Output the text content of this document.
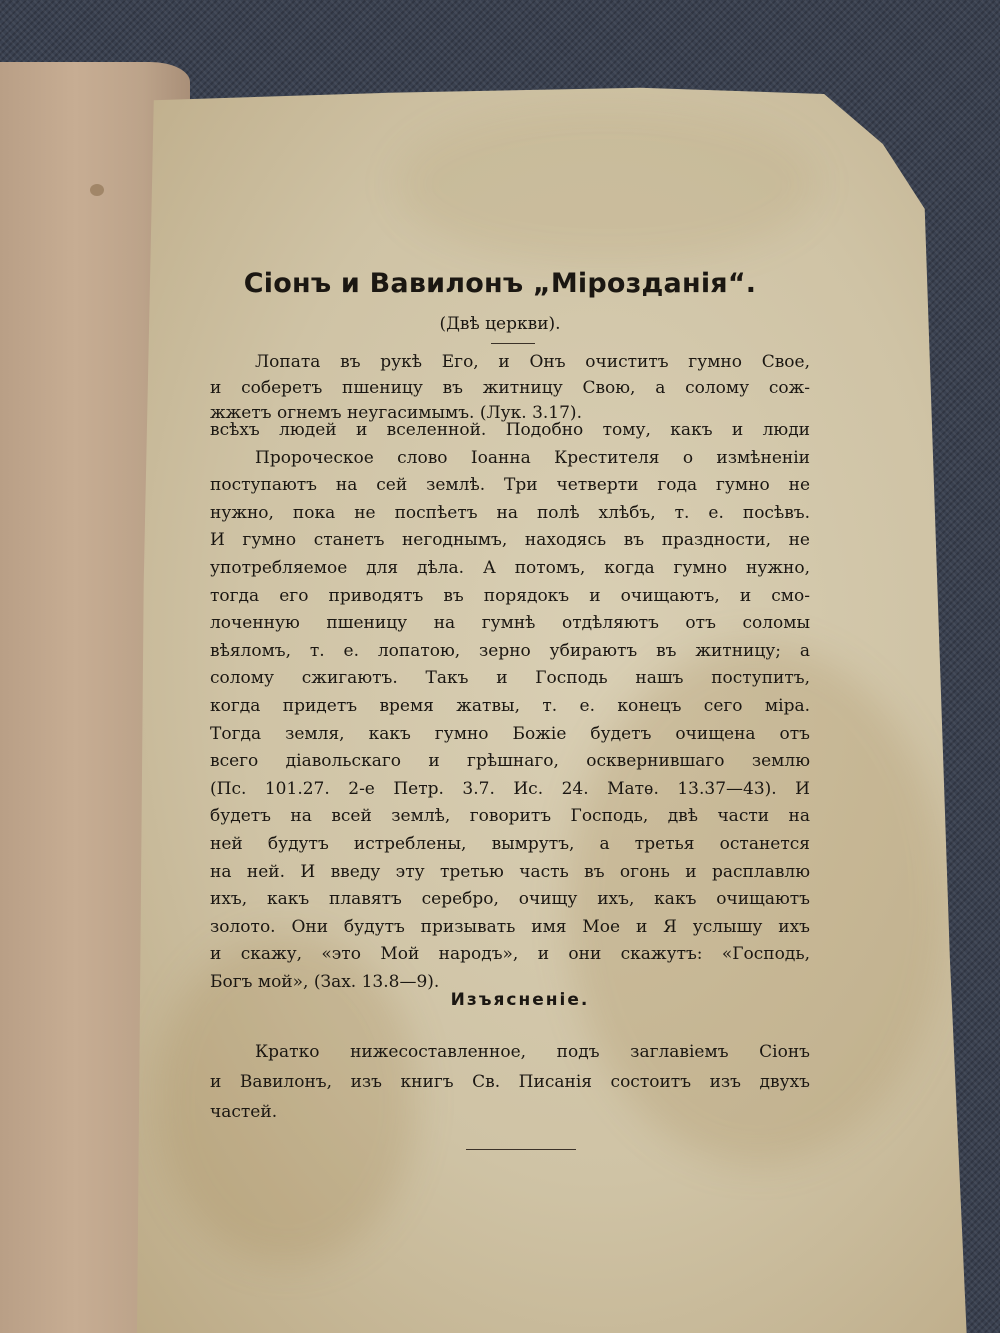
Сіонъ и Вавилонъ „Мірозданія“.

(Двѣ церкви).

Лопата въ рукѣ Его, и Онъ очиститъ гумно Свое,

и соберетъ пшеницу въ житницу Свою, а солому сож-

жжетъ огнемъ неугасимымъ. (Лук. 3.17).

всѣхъ людей и вселенной. Подобно тому, какъ и люди

Пророческое слово Іоанна Крестителя о измѣненіи

поступаютъ на сей землѣ. Три четверти года гумно не

нужно, пока не поспѣетъ на полѣ хлѣбъ, т. е. посѣвъ.

И гумно станетъ негоднымъ, находясь въ праздности, не

употребляемое для дѣла. А потомъ, когда гумно нужно,

тогда его приводятъ въ порядокъ и очищаютъ, и смо-

лоченную пшеницу на гумнѣ отдѣляютъ отъ соломы

вѣяломъ, т. е. лопатою, зерно убираютъ въ житницу; а

солому сжигаютъ. Такъ и Господь нашъ поступитъ,

когда придетъ время жатвы, т. е. конецъ сего міра.

Тогда земля, какъ гумно Божіе будетъ очищена отъ

всего діавольскаго и грѣшнаго, осквернившаго землю

(Пс. 101.27. 2-е Петр. 3.7. Ис. 24. Матѳ. 13.37—43). И

будетъ на всей землѣ, говоритъ Господь, двѣ части на

ней будутъ истреблены, вымрутъ, а третья останется

на ней. И введу эту третью часть въ огонь и расплавлю

ихъ, какъ плавятъ серебро, очищу ихъ, какъ очищаютъ

золото. Они будутъ призывать имя Мое и Я услышу ихъ

и скажу, «это Мой народъ», и они скажутъ: «Господь,

Богъ мой», (Зах. 13.8—9).

Изъясненіе.

Кратко нижесоставленное, подъ заглавіемъ Сіонъ

и Вавилонъ, изъ книгъ Св. Писанія состоитъ изъ двухъ

частей.
